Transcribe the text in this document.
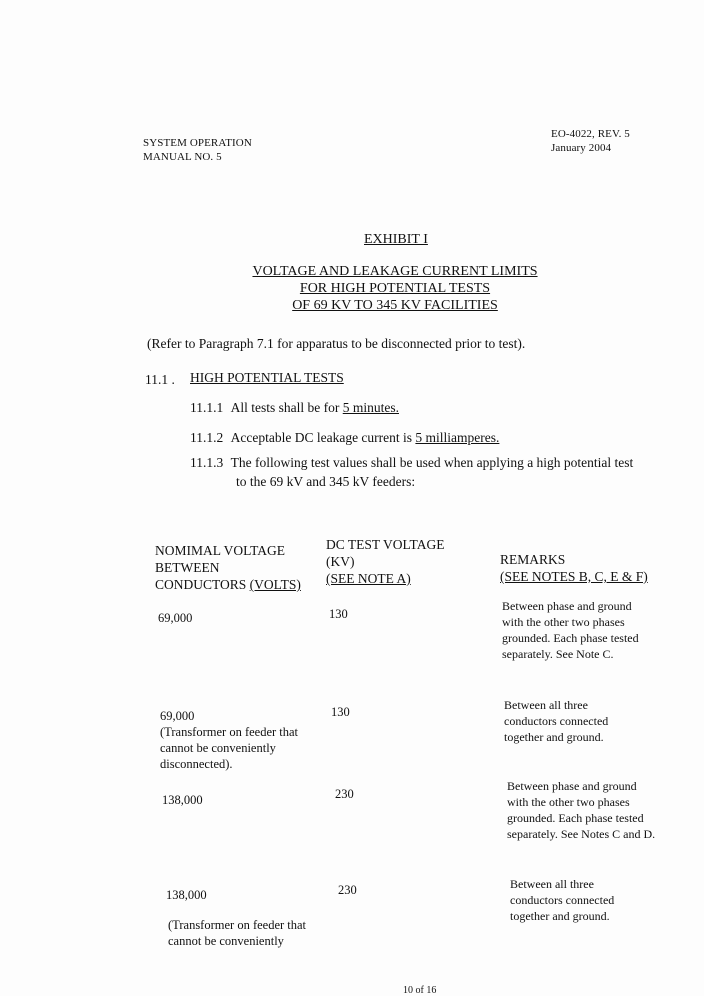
SYSTEM OPERATION
MANUAL NO. 5
EO-4022, REV. 5
January 2004
EXHIBIT I
VOLTAGE AND LEAKAGE CURRENT LIMITS
FOR HIGH POTENTIAL TESTS
OF 69 KV TO 345 KV FACILITIES
(Refer to Paragraph 7.1 for apparatus to be disconnected prior to test).
11.1 . HIGH POTENTIAL TESTS
11.1.1 All tests shall be for 5 minutes.
11.1.2 Acceptable DC leakage current is 5 milliamperes.
11.1.3 The following test values shall be used when applying a high potential test
to the 69 kV and 345 kV feeders:
NOMIMAL VOLTAGE
BETWEEN
CONDUCTORS (VOLTS)
DC TEST VOLTAGE
(KV)
(SEE NOTE A)
REMARKS
(SEE NOTES B, C, E & F)
69,000	130
Between phase and ground with the other two phases grounded. Each phase tested separately. See Note C.
69,000
(Transformer on feeder that cannot be conveniently disconnected).
130	Between all three conductors connected together and ground.
138,000	230
Between phase and ground with the other two phases grounded. Each phase tested separately. See Notes C and D.
138,000
(Transformer on feeder that cannot be conveniently
230	Between all three conductors connected together and ground.
10 of 16
